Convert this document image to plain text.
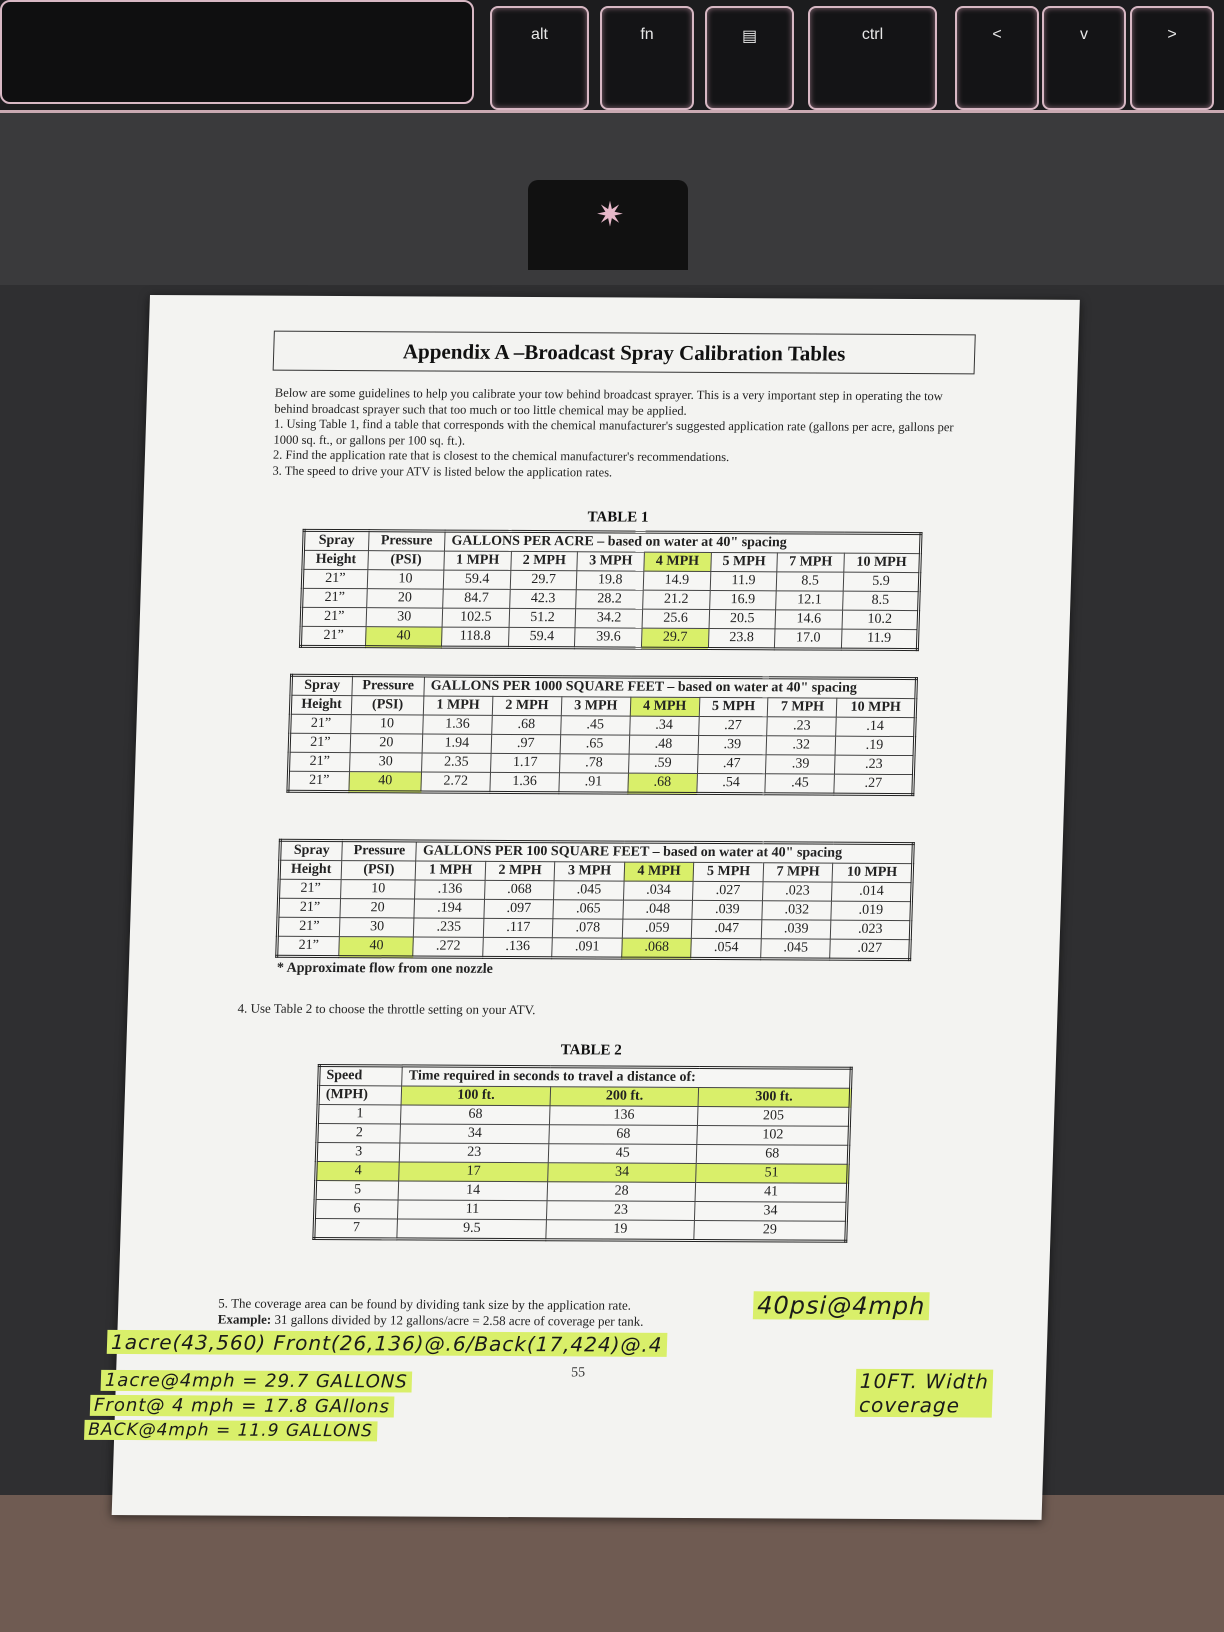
alt	fn	▤	ctrl	<	v	>
✷
Appendix A –Broadcast Spray Calibration Tables

Below are some guidelines to help you calibrate your tow behind broadcast sprayer. This is a very important step in operating the tow behind broadcast sprayer such that too much or too little chemical may be applied.

1. Using Table 1, find a table that corresponds with the chemical manufacturer's suggested application rate (gallons per acre, gallons per 1000 sq. ft., or gallons per 100 sq. ft.).

2. Find the application rate that is closest to the chemical manufacturer's recommendations.

3. The speed to drive your ATV is listed below the application rates.

TABLE 1
Spray	Pressure	GALLONS PER ACRE – based on water at 40" spacing						
Height	(PSI)	1 MPH	2 MPH	3 MPH	4 MPH	5 MPH	7 MPH	10 MPH
21”	10	59.4	29.7	19.8	14.9	11.9	8.5	5.9
21”	20	84.7	42.3	28.2	21.2	16.9	12.1	8.5
21”	30	102.5	51.2	34.2	25.6	20.5	14.6	10.2
21”	40	118.8	59.4	39.6	29.7	23.8	17.0	11.9
Spray	Pressure	GALLONS PER 1000 SQUARE FEET – based on water at 40" spacing						
Height	(PSI)	1 MPH	2 MPH	3 MPH	4 MPH	5 MPH	7 MPH	10 MPH
21”	10	1.36	.68	.45	.34	.27	.23	.14
21”	20	1.94	.97	.65	.48	.39	.32	.19
21”	30	2.35	1.17	.78	.59	.47	.39	.23
21”	40	2.72	1.36	.91	.68	.54	.45	.27
Spray	Pressure	GALLONS PER 100 SQUARE FEET – based on water at 40" spacing						
Height	(PSI)	1 MPH	2 MPH	3 MPH	4 MPH	5 MPH	7 MPH	10 MPH
21”	10	.136	.068	.045	.034	.027	.023	.014
21”	20	.194	.097	.065	.048	.039	.032	.019
21”	30	.235	.117	.078	.059	.047	.039	.023
21”	40	.272	.136	.091	.068	.054	.045	.027
* Approximate flow from one nozzle
4. Use Table 2 to choose the throttle setting on your ATV.
TABLE 2
Speed	Time required in seconds to travel a distance of:		
(MPH)	100 ft.	200 ft.	300 ft.
1	68	136	205
2	34	68	102
3	23	45	68
4	17	34	51
5	14	28	41
6	11	23	34
7	9.5	19	29
5. The coverage area can be found by dividing tank size by the application rate.
Example: 31 gallons divided by 12 gallons/acre = 2.58 acre of coverage per tank.
55
40psi@4mph
1acre(43,560) Front(26,136)@.6/Back(17,424)@.4
1acre@4mph = 29.7 GALLONS
Front@ 4 mph = 17.8 GAllons
BACK@4mph = 11.9 GALLONS
10FT. Width
coverage
